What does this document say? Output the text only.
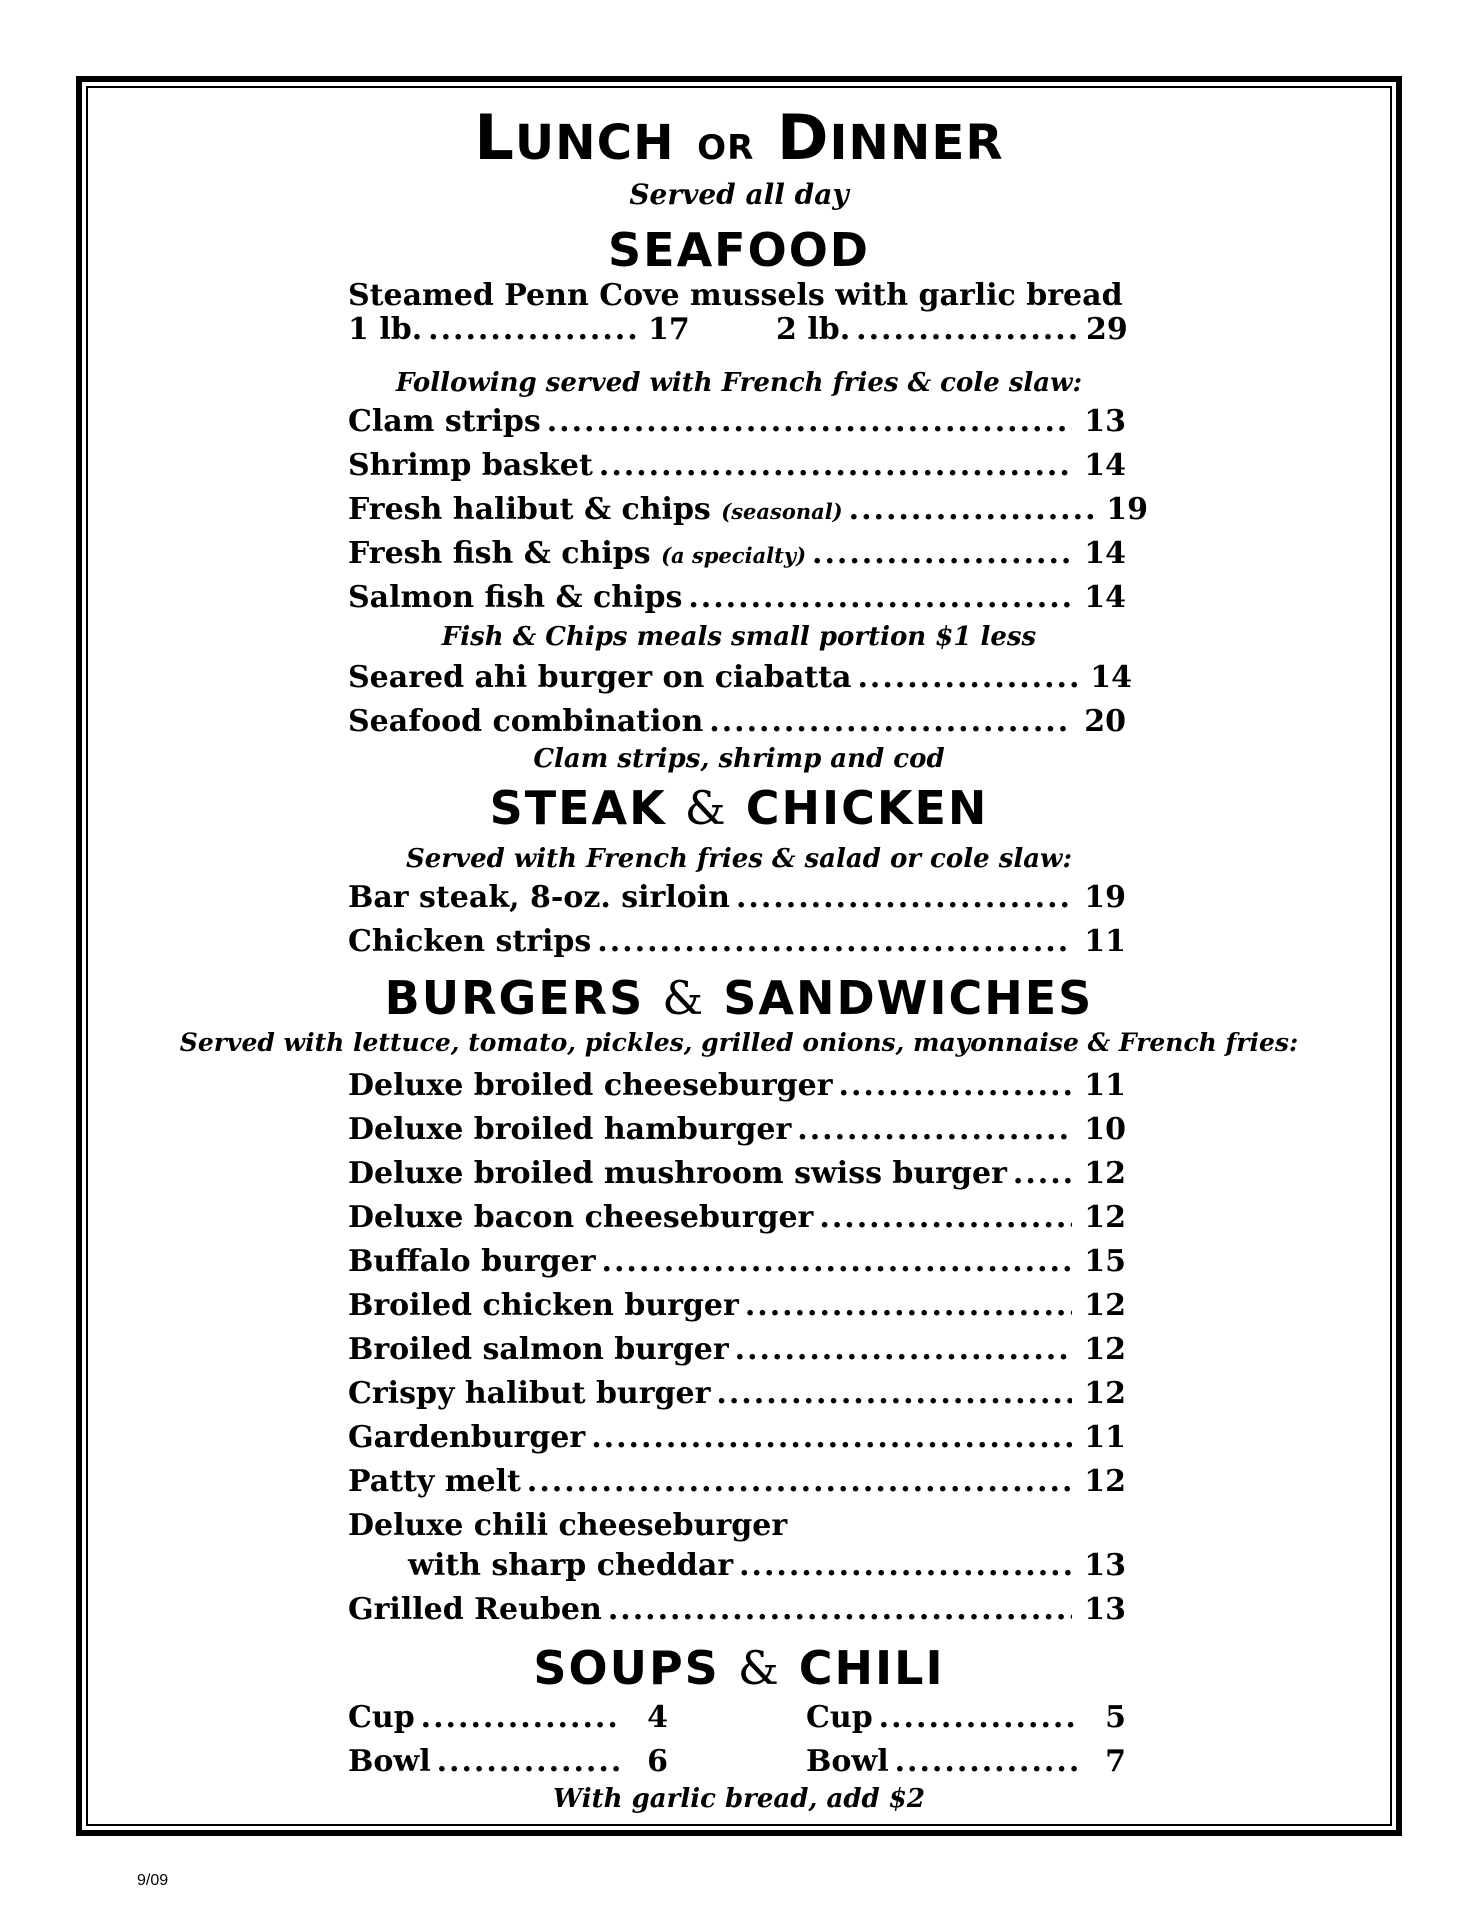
LUNCH OR DINNER
Served all day
SEAFOOD
Steamed Penn Cove mussels with garlic bread
1 lb. .....	17	2 lb. .....	29
Following served with French fries & cole slaw:
Clam strips .....	13
Shrimp basket .....	14
Fresh halibut & chips (seasonal) .....	19
Fresh fish & chips (a specialty) .....	14
Salmon fish & chips .....	14
Fish & Chips meals small portion $1 less
Seared ahi burger on ciabatta .....	14
Seafood combination .....	20
Clam strips, shrimp and cod
STEAK & CHICKEN
Served with French fries & salad or cole slaw:
Bar steak, 8-oz. sirloin .....	19
Chicken strips .....	11
BURGERS & SANDWICHES
Served with lettuce, tomato, pickles, grilled onions, mayonnaise & French fries:
Deluxe broiled cheeseburger .....	11
Deluxe broiled hamburger .....	10
Deluxe broiled mushroom swiss burger .....	12
Deluxe bacon cheeseburger .....	12
Buffalo burger .....	15
Broiled chicken burger .....	12
Broiled salmon burger .....	12
Crispy halibut burger .....	12
Gardenburger .....	11
Patty melt .....	12
Deluxe chili cheeseburger
with sharp cheddar .....	13
Grilled Reuben .....	13
SOUPS & CHILI
Cup .....	4	Cup .....	5
Bowl .....	6	Bowl .....	7
With garlic bread, add $2
9/09
